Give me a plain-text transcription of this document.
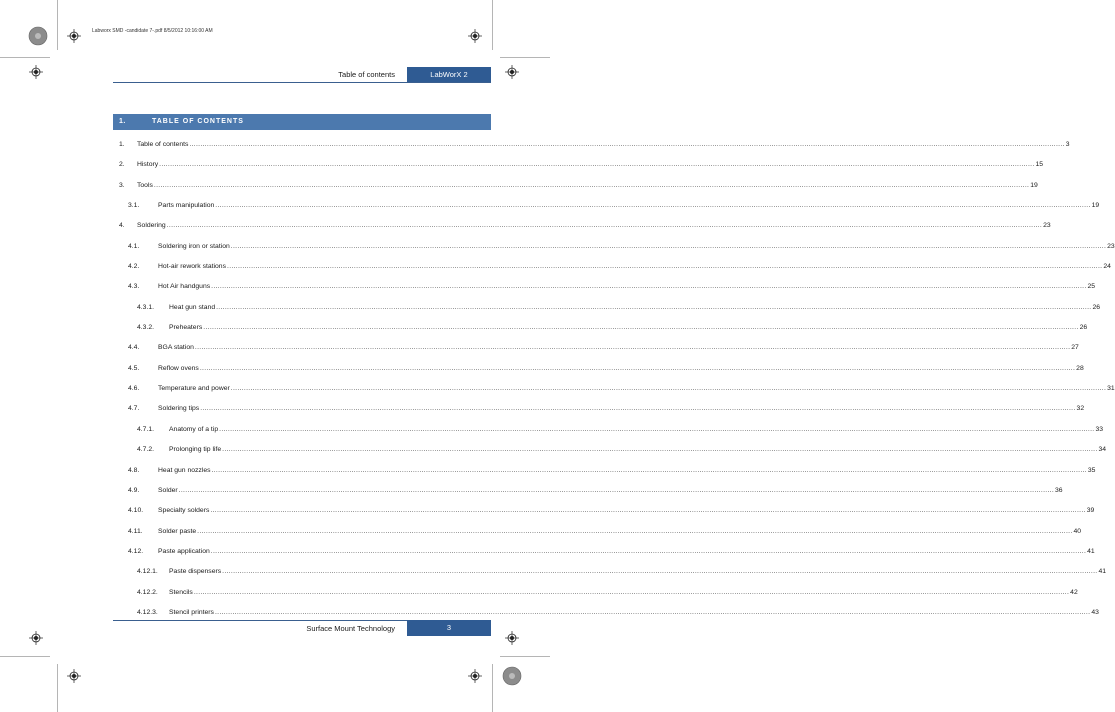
Labworx SMD -candidate 7-.pdf 8/5/2012 10:16:00 AM
Table of contents	LabWorX 2
1.	TABLE OF CONTENTS
1. Table of contents ................................................................................................................................................................................................................................................................................................................................................................................................................ 3
2. History ................................................................................................................................................................................................................................................................................................................................................................................................................ 15
3. Tools ................................................................................................................................................................................................................................................................................................................................................................................................................ 19
3.1.	Parts manipulation ................................................................................................................................................................................................................................................................................................................................................................................................................ 19
4. Soldering ................................................................................................................................................................................................................................................................................................................................................................................................................ 23
4.1.	Soldering iron or station ................................................................................................................................................................................................................................................................................................................................................................................................................ 23
4.2.	Hot-air rework stations ................................................................................................................................................................................................................................................................................................................................................................................................................ 24
4.3.	Hot Air handguns ................................................................................................................................................................................................................................................................................................................................................................................................................ 25
4.3.1. Heat gun stand ................................................................................................................................................................................................................................................................................................................................................................................................................ 26
4.3.2. Preheaters ................................................................................................................................................................................................................................................................................................................................................................................................................ 26
4.4.	BGA station ................................................................................................................................................................................................................................................................................................................................................................................................................ 27
4.5.	Reflow ovens ................................................................................................................................................................................................................................................................................................................................................................................................................ 28
4.6.	Temperature and power ................................................................................................................................................................................................................................................................................................................................................................................................................ 31
4.7.	Soldering tips ................................................................................................................................................................................................................................................................................................................................................................................................................ 32
4.7.1. Anatomy of a tip ................................................................................................................................................................................................................................................................................................................................................................................................................ 33
4.7.2. Prolonging tip life ................................................................................................................................................................................................................................................................................................................................................................................................................ 34
4.8.	Heat gun nozzles ................................................................................................................................................................................................................................................................................................................................................................................................................ 35
4.9.	Solder ................................................................................................................................................................................................................................................................................................................................................................................................................ 36
4.10. Specialty solders ................................................................................................................................................................................................................................................................................................................................................................................................................ 39
4.11. Solder paste ................................................................................................................................................................................................................................................................................................................................................................................................................ 40
4.12. Paste application ................................................................................................................................................................................................................................................................................................................................................................................................................ 41
4.12.1. Paste dispensers ................................................................................................................................................................................................................................................................................................................................................................................................................ 41
4.12.2. Stencils ................................................................................................................................................................................................................................................................................................................................................................................................................ 42
4.12.3. Stencil printers ................................................................................................................................................................................................................................................................................................................................................................................................................ 43
Surface Mount Technology	3
